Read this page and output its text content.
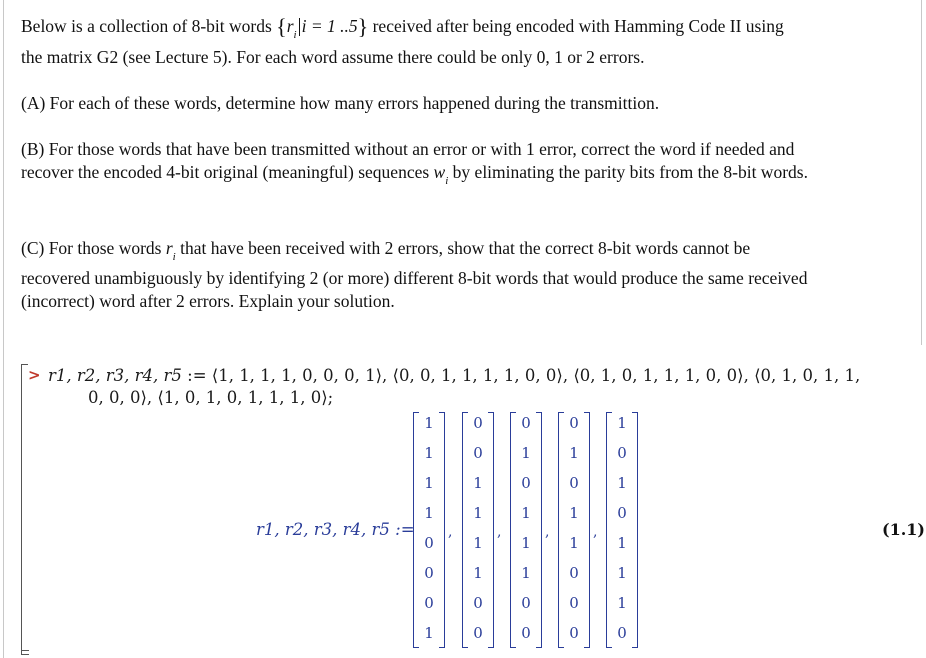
Below is a collection of 8-bit words {$r_i$ i = 1 ..5} received after being encoded with Hamming Code II using
the matrix G2 (see Lecture 5). For each word assume there could be only 0, 1 or 2 errors.
(A) For each of these words, determine how many errors happened during the transmittion.
(B) For those words that have been transmitted without an error or with 1 error, correct the word if needed and
recover the encoded 4-bit original (meaningful) sequences $w_i$ by eliminating the parity bits from the 8-bit words.
(C) For those words $r_i$ that have been received with 2 errors, show that the correct 8-bit words cannot be
recovered unambiguously by identifying 2 (or more) different 8-bit words that would produce the same received
(incorrect) word after 2 errors. Explain your solution.
> r1, r2, r3, r4, r5 := ⟨1, 1, 1, 1, 0, 0, 0, 1⟩, ⟨0, 0, 1, 1, 1, 1, 0, 0⟩, ⟨0, 1, 0, 1, 1, 1, 0, 0⟩, ⟨0, 1, 0, 1, 1,
0, 0, 0⟩, ⟨1, 0, 1, 0, 1, 1, 1, 0⟩;
r1, r2, r3, r4, r5 :=
1
1
1
1
0
0
0
1
,
0
0
1
1
1
1
0
0
,
0
1
0
1
1
1
0
0
,
0
1
0
1
1
0
0
0
,
1
0
1
0
1
1
1
0
(1.1)
